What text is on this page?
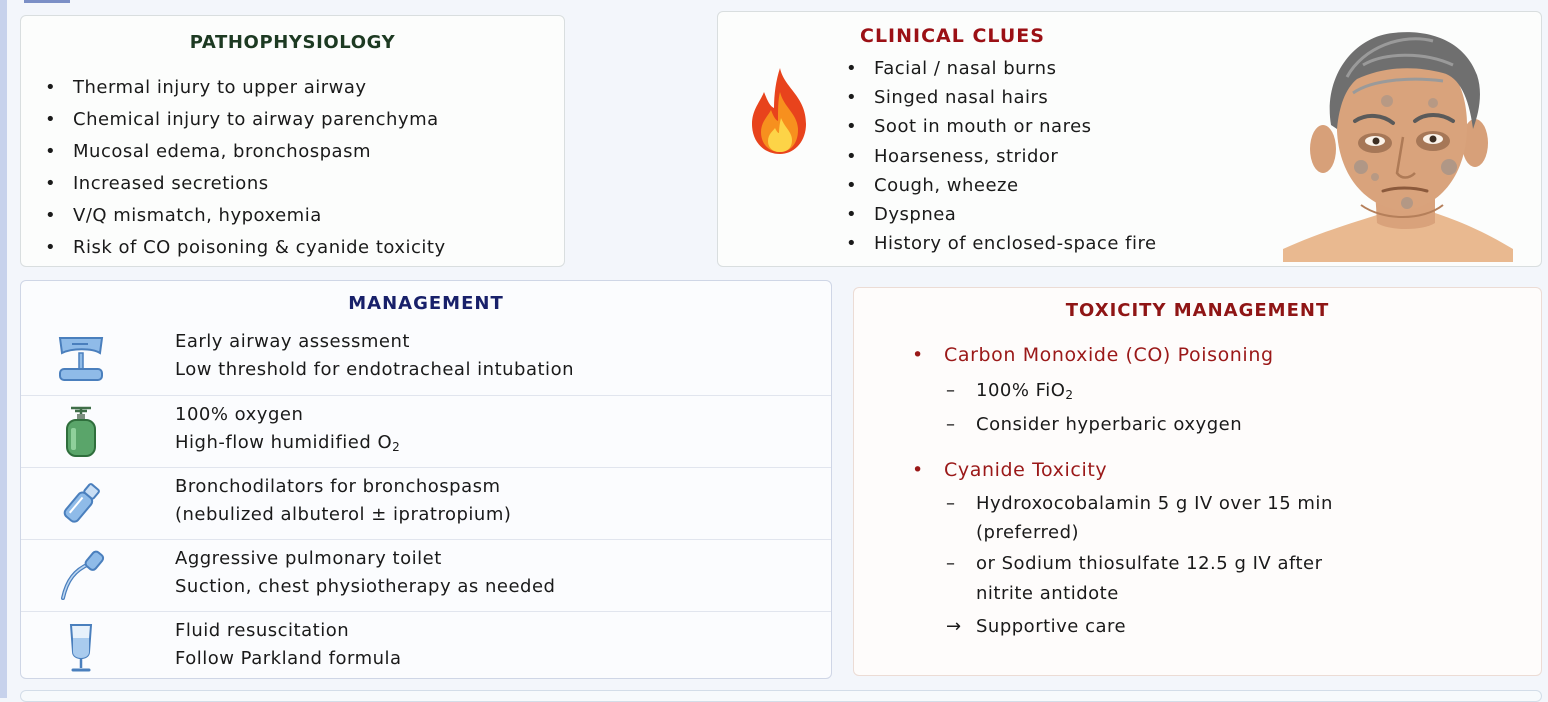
PATHOPHYSIOLOGY
• Thermal injury to upper airway
• Chemical injury to airway parenchyma
• Mucosal edema, bronchospasm
• Increased secretions
• V/Q mismatch, hypoxemia
• Risk of CO poisoning & cyanide toxicity
CLINICAL CLUES
• Facial / nasal burns
• Singed nasal hairs
• Soot in mouth or nares
• Hoarseness, stridor
• Cough, wheeze
• Dyspnea
• History of enclosed-space fire
MANAGEMENT
Early airway assessment
Low threshold for endotracheal intubation
100% oxygen
High-flow humidified $O_2$
Bronchodilators for bronchospasm
(nebulized albuterol ± ipratropium)
Aggressive pulmonary toilet
Suction, chest physiotherapy as needed
Fluid resuscitation
Follow Parkland formula
TOXICITY MANAGEMENT
• Carbon Monoxide (CO) Poisoning
– 100% FiO$_2$
– Consider hyperbaric oxygen
• Cyanide Toxicity
– Hydroxocobalamin 5 g IV over 15 min
(preferred)
– or Sodium thiosulfate 12.5 g IV after
nitrite antidote
→ Supportive care
